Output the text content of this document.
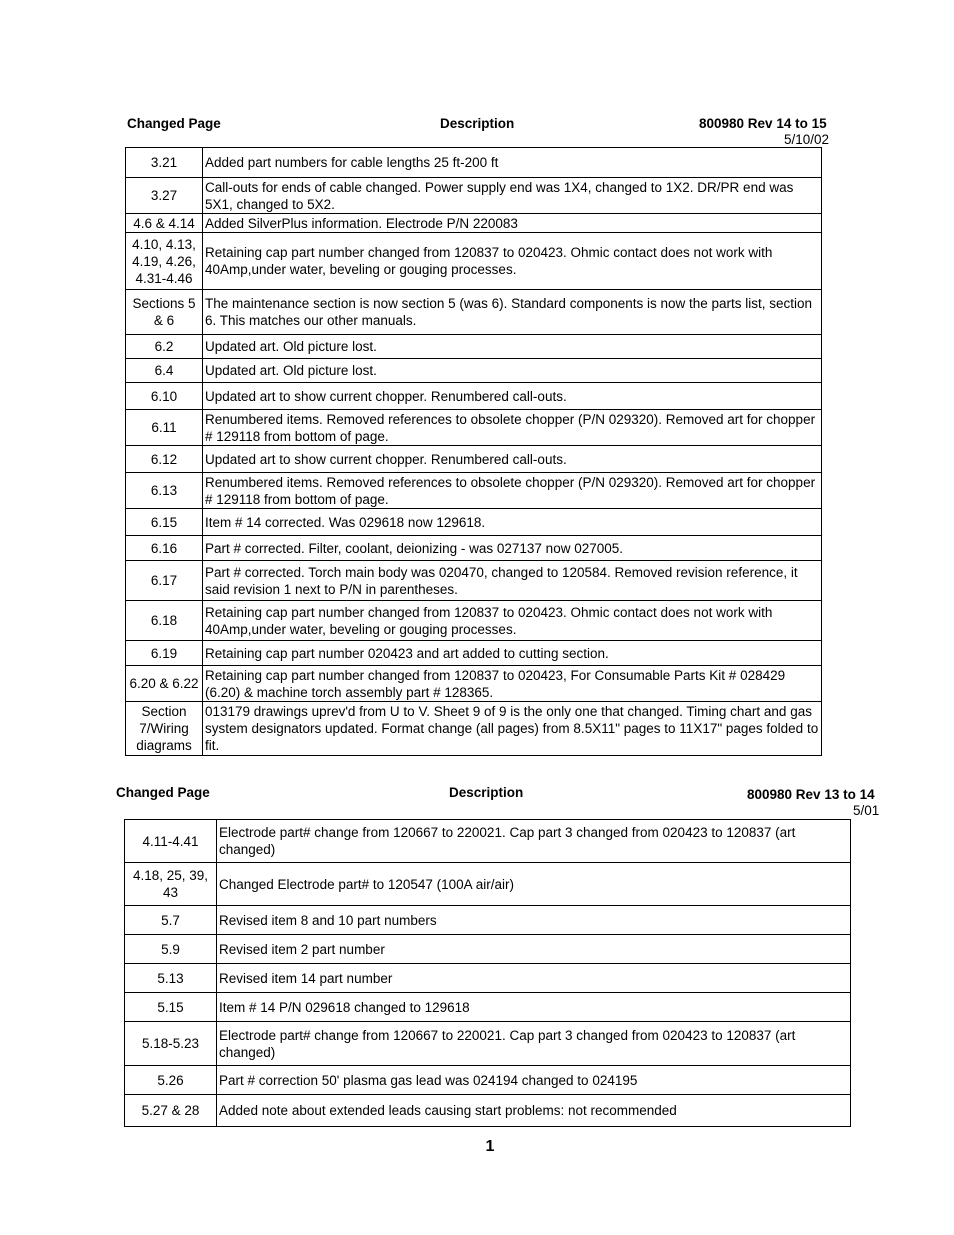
Changed Page	Description	800980 Rev 14 to 15
5/10/02
3.21	Added part numbers for cable lengths 25 ft-200 ft
3.27	Call-outs for ends of cable changed. Power supply end was 1X4, changed to 1X2. DR/PR end was 5X1, changed to 5X2.
4.6 & 4.14	Added SilverPlus information. Electrode P/N 220083
4.10, 4.13, 4.19, 4.26, 4.31-4.46	Retaining cap part number changed from 120837 to 020423. Ohmic contact does not work with 40Amp,under water, beveling or gouging processes.
Sections 5 & 6	The maintenance section is now section 5 (was 6). Standard components is now the parts list, section 6. This matches our other manuals.
6.2	Updated art. Old picture lost.
6.4	Updated art. Old picture lost.
6.10	Updated art to show current chopper. Renumbered call-outs.
6.11	Renumbered items. Removed references to obsolete chopper (P/N 029320). Removed art for chopper # 129118 from bottom of page.
6.12	Updated art to show current chopper. Renumbered call-outs.
6.13	Renumbered items. Removed references to obsolete chopper (P/N 029320). Removed art for chopper # 129118 from bottom of page.
6.15	Item # 14 corrected. Was 029618 now 129618.
6.16	Part # corrected. Filter, coolant, deionizing - was 027137 now 027005.
6.17	Part # corrected. Torch main body was 020470, changed to 120584. Removed revision reference, it said revision 1 next to P/N in parentheses.
6.18	Retaining cap part number changed from 120837 to 020423. Ohmic contact does not work with 40Amp,under water, beveling or gouging processes.
6.19	Retaining cap part number 020423 and art added to cutting section.
6.20 & 6.22	Retaining cap part number changed from 120837 to 020423, For Consumable Parts Kit # 028429 (6.20) & machine torch assembly part # 128365.
Section 7/Wiring diagrams	013179 drawings uprev'd from U to V. Sheet 9 of 9 is the only one that changed. Timing chart and gas system designators updated. Format change (all pages) from 8.5X11" pages to 11X17" pages folded to fit.
Changed Page	Description	800980 Rev 13 to 14
5/01
4.11-4.41	Electrode part# change from 120667 to 220021. Cap part 3 changed from 020423 to 120837 (art changed)
4.18, 25, 39, 43	Changed Electrode part# to 120547 (100A air/air)
5.7	Revised item 8 and 10 part numbers
5.9	Revised item 2 part number
5.13	Revised item 14 part number
5.15	Item # 14 P/N 029618 changed to 129618
5.18-5.23	Electrode part# change from 120667 to 220021. Cap part 3 changed from 020423 to 120837 (art changed)
5.26	Part # correction 50' plasma gas lead was 024194 changed to 024195
5.27 & 28	Added note about extended leads causing start problems: not recommended
1
